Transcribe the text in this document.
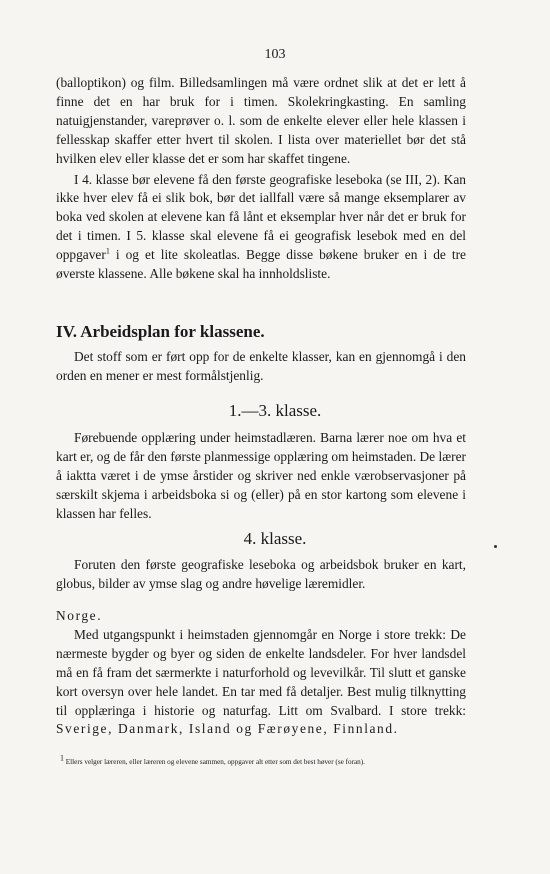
103

(balloptikon) og film. Billedsamlingen må være ordnet slik at det er lett å finne det en har bruk for i timen. Skolekringkasting. En samling natuigjenstander, vareprøver o. l. som de enkelte elever eller hele klassen i fellesskap skaffer etter hvert til skolen. I lista over materiellet bør det stå hvilken elev eller klasse det er som har skaffet tingene.

I 4. klasse bør elevene få den første geografiske leseboka (se III, 2). Kan ikke hver elev få ei slik bok, bør det iallfall være så mange eksemplarer av boka ved skolen at elevene kan få lånt et eksemplar hver når det er bruk for det i timen. I 5. klasse skal elevene få ei geografisk lesebok med en del oppgaver$^1$ i og et lite skoleatlas. Begge disse bøkene bruker en i de tre øverste klassene. Alle bøkene skal ha innholdsliste.

IV. Arbeidsplan for klassene.

Det stoff som er ført opp for de enkelte klasser, kan en gjennomgå i den orden en mener er mest formålstjenlig.

1.—3. klasse.

Førebuende opplæring under heimstadlæren. Barna lærer noe om hva et kart er, og de får den første planmessige opplæring om heimstaden. De lærer å iaktta været i de ymse årstider og skriver ned enkle værobservasjoner på særskilt skjema i arbeidsboka si og (eller) på en stor kartong som elevene i klassen har felles.

4. klasse.

Foruten den første geografiske leseboka og arbeidsbok bruker en kart, globus, bilder av ymse slag og andre høvelige læremidler.

Norge.

Med utgangspunkt i heimstaden gjennomgår en Norge i store trekk: De nærmeste bygder og byer og siden de enkelte landsdeler. For hver landsdel må en få fram det særmerkte i naturforhold og levevilkår. Til slutt et ganske kort oversyn over hele landet. En tar med få detaljer. Best mulig tilknytting til opplæringa i historie og naturfag. Litt om Svalbard. I store trekk: Sverige, Danmark, Island og Færøyene, Finnland.

$^1$ Ellers velger læreren, eller læreren og elevene sammen, oppgaver alt etter som det best høver (se foran).
